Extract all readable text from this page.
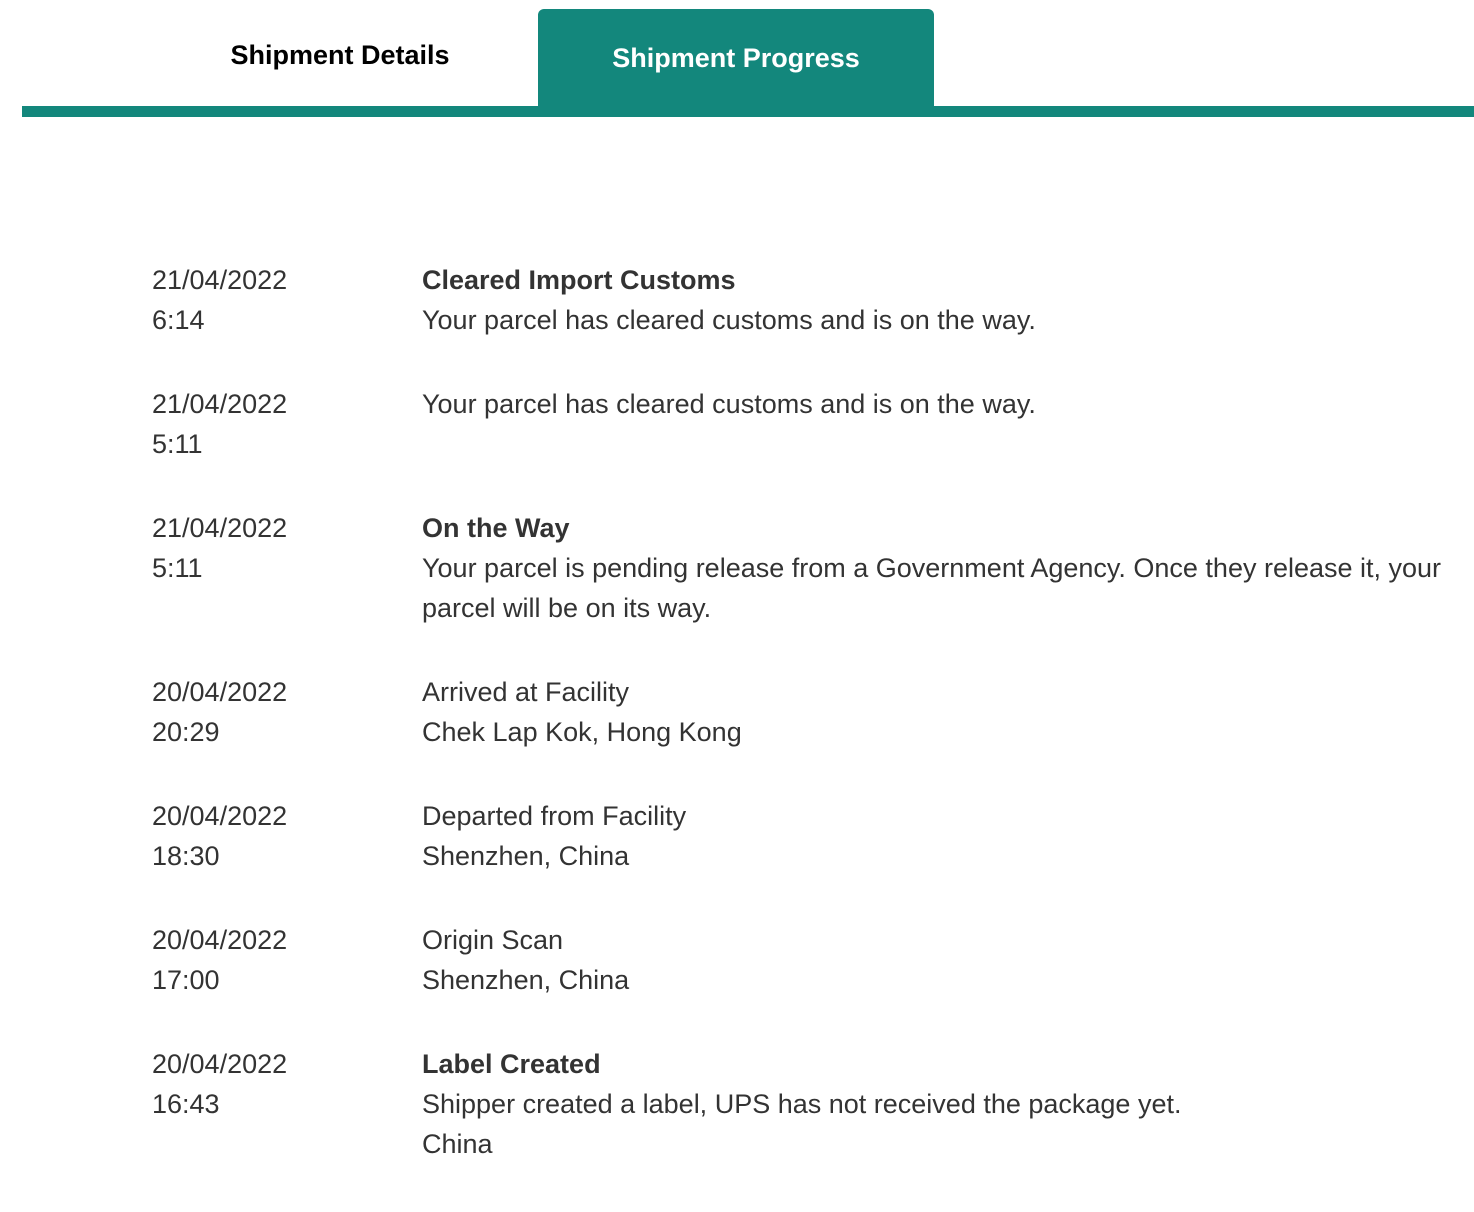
Shipment Details	Shipment Progress
21/04/2022
6:14
Cleared Import Customs
Your parcel has cleared customs and is on the way.
21/04/2022
5:11
Your parcel has cleared customs and is on the way.
21/04/2022
5:11
On the Way
Your parcel is pending release from a Government Agency. Once they release it, your parcel will be on its way.
20/04/2022
20:29
Arrived at Facility
Chek Lap Kok, Hong Kong
20/04/2022
18:30
Departed from Facility
Shenzhen, China
20/04/2022
17:00
Origin Scan
Shenzhen, China
20/04/2022
16:43
Label Created
Shipper created a label, UPS has not received the package yet.
China
